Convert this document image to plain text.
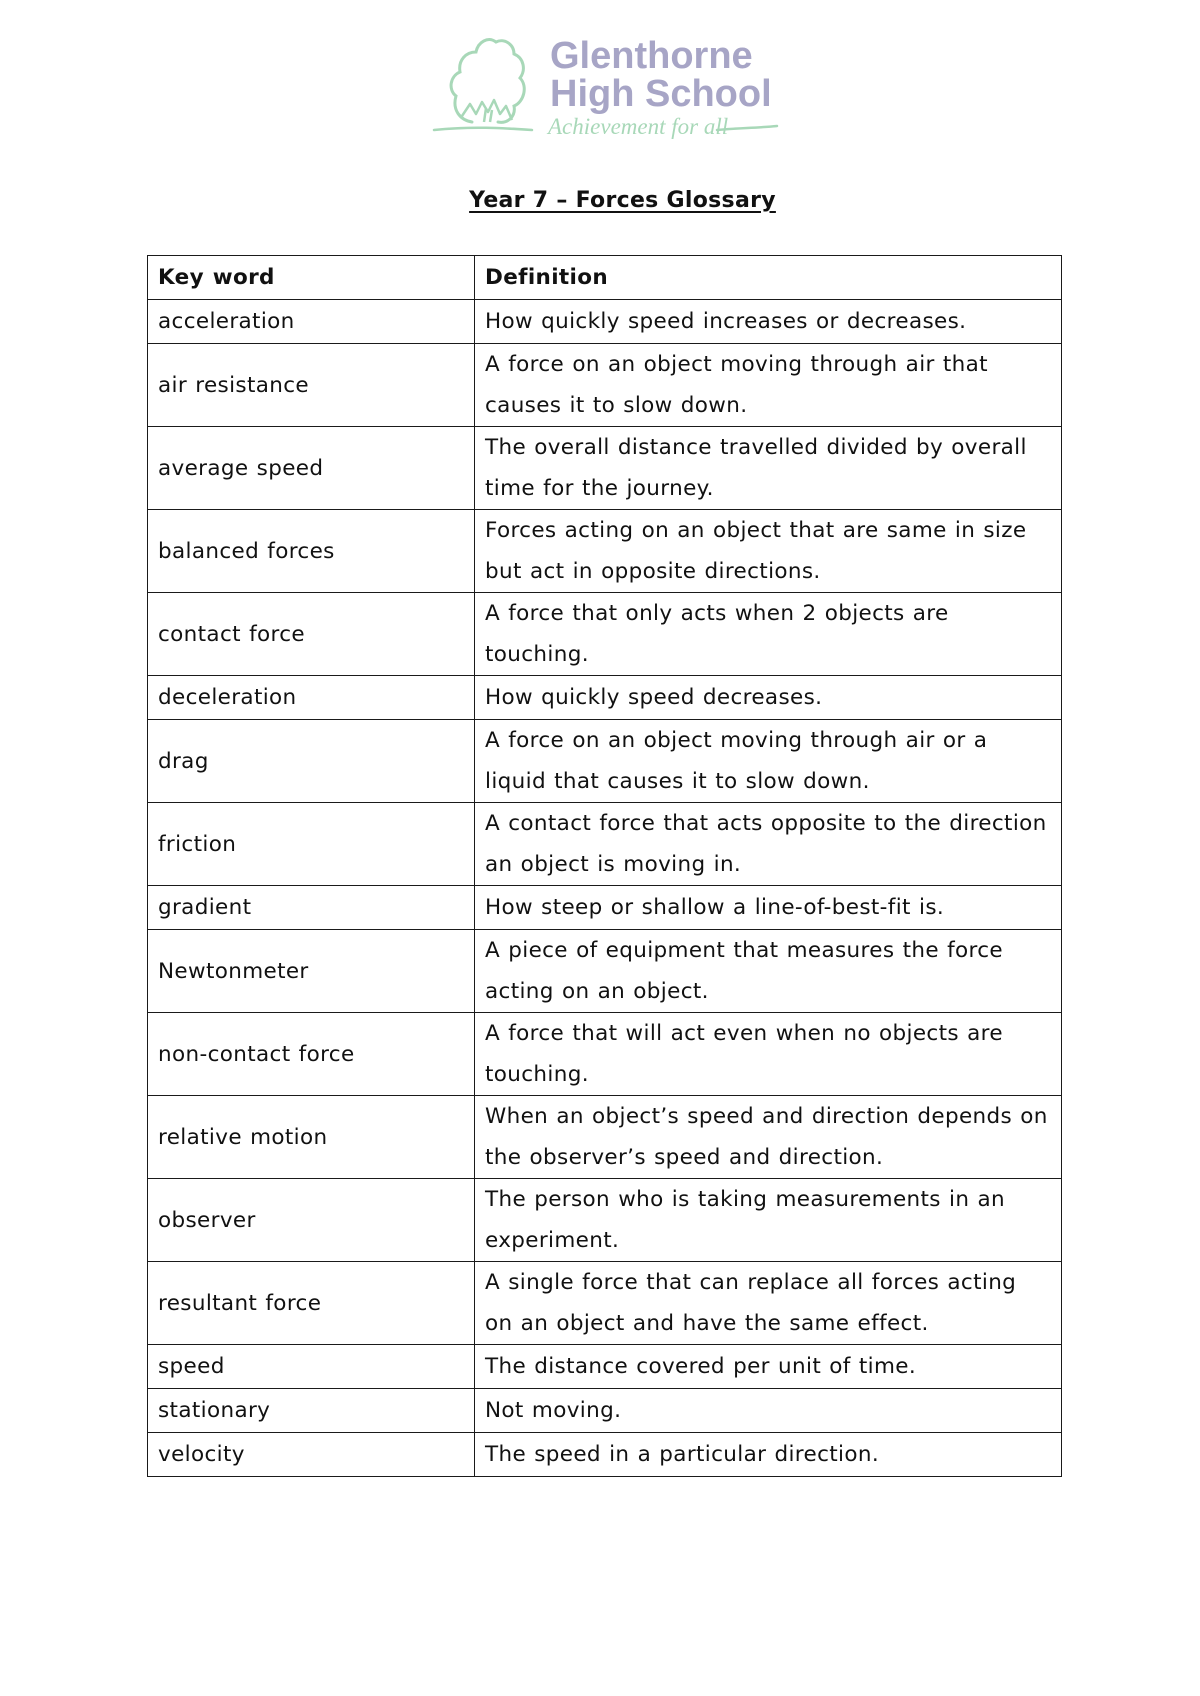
Glenthorne
High School
Achievement for all
Year 7 – Forces Glossary
Key word	Definition
acceleration	How quickly speed increases or decreases.
air resistance	A force on an object moving through air that causes it to slow down.
average speed	The overall distance travelled divided by overall time for the journey.
balanced forces	Forces acting on an object that are same in size but act in opposite directions.
contact force	A force that only acts when 2 objects are touching.
deceleration	How quickly speed decreases.
drag	A force on an object moving through air or a liquid that causes it to slow down.
friction	A contact force that acts opposite to the direction an object is moving in.
gradient	How steep or shallow a line-of-best-fit is.
Newtonmeter	A piece of equipment that measures the force acting on an object.
non-contact force	A force that will act even when no objects are touching.
relative motion	When an object’s speed and direction depends on the observer’s speed and direction.
observer	The person who is taking measurements in an experiment.
resultant force	A single force that can replace all forces acting on an object and have the same effect.
speed	The distance covered per unit of time.
stationary	Not moving.
velocity	The speed in a particular direction.
